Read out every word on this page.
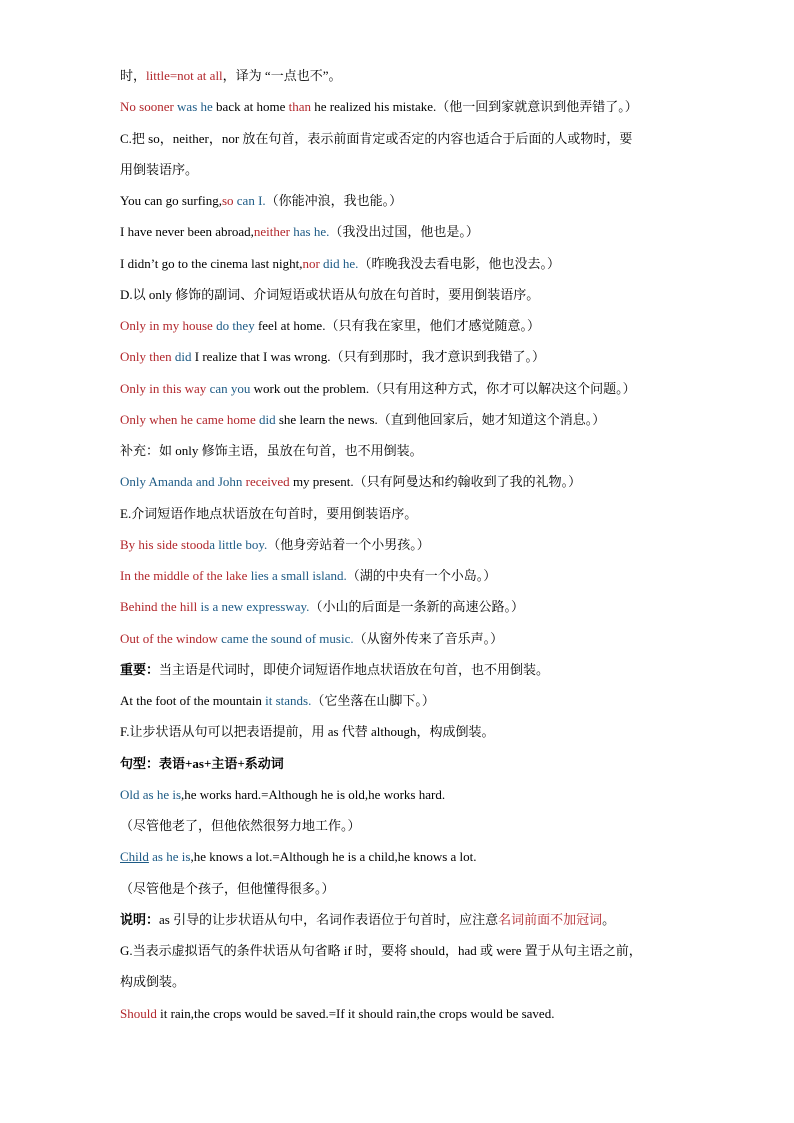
时，little=not at all，译为 “一点也不”。
No sooner was he back at home than he realized his mistake.（他一回到家就意识到他弄错了。）
C.把 so，neither，nor 放在句首，表示前面肯定或否定的内容也适合于后面的人或物时，要
用倒装语序。
You can go surfing,so can I.（你能冲浪，我也能。）
I have never been abroad,neither has he.（我没出过国，他也是。）
I didn’t go to the cinema last night,nor did he.（昨晚我没去看电影，他也没去。）
D.以 only 修饰的副词、介词短语或状语从句放在句首时，要用倒装语序。
Only in my house do they feel at home.（只有我在家里，他们才感觉随意。）
Only then did I realize that I was wrong.（只有到那时，我才意识到我错了。）
Only in this way can you work out the problem.（只有用这种方式，你才可以解决这个问题。）
Only when he came home did she learn the news.（直到他回家后，她才知道这个消息。）
补充：如 only 修饰主语，虽放在句首，也不用倒装。
Only Amanda and John received my present.（只有阿曼达和约翰收到了我的礼物。）
E.介词短语作地点状语放在句首时，要用倒装语序。
By his side stooda little boy.（他身旁站着一个小男孩。）
In the middle of the lake lies a small island.（湖的中央有一个小岛。）
Behind the hill is a new expressway.（小山的后面是一条新的高速公路。）
Out of the window came the sound of music.（从窗外传来了音乐声。）
重要：当主语是代词时，即使介词短语作地点状语放在句首，也不用倒装。
At the foot of the mountain it stands.（它坐落在山脚下。）
F.让步状语从句可以把表语提前，用 as 代替 although，构成倒装。
句型：表语+as+主语+系动词
Old as he is,he works hard.=Although he is old,he works hard.
（尽管他老了，但他依然很努力地工作。）
Child as he is,he knows a lot.=Although he is a child,he knows a lot.
（尽管他是个孩子，但他懂得很多。）
说明：as 引导的让步状语从句中，名词作表语位于句首时，应注意名词前面不加冠词。
G.当表示虚拟语气的条件状语从句省略 if 时，要将 should，had 或 were 置于从句主语之前，
构成倒装。
Should it rain,the crops would be saved.=If it should rain,the crops would be saved.
